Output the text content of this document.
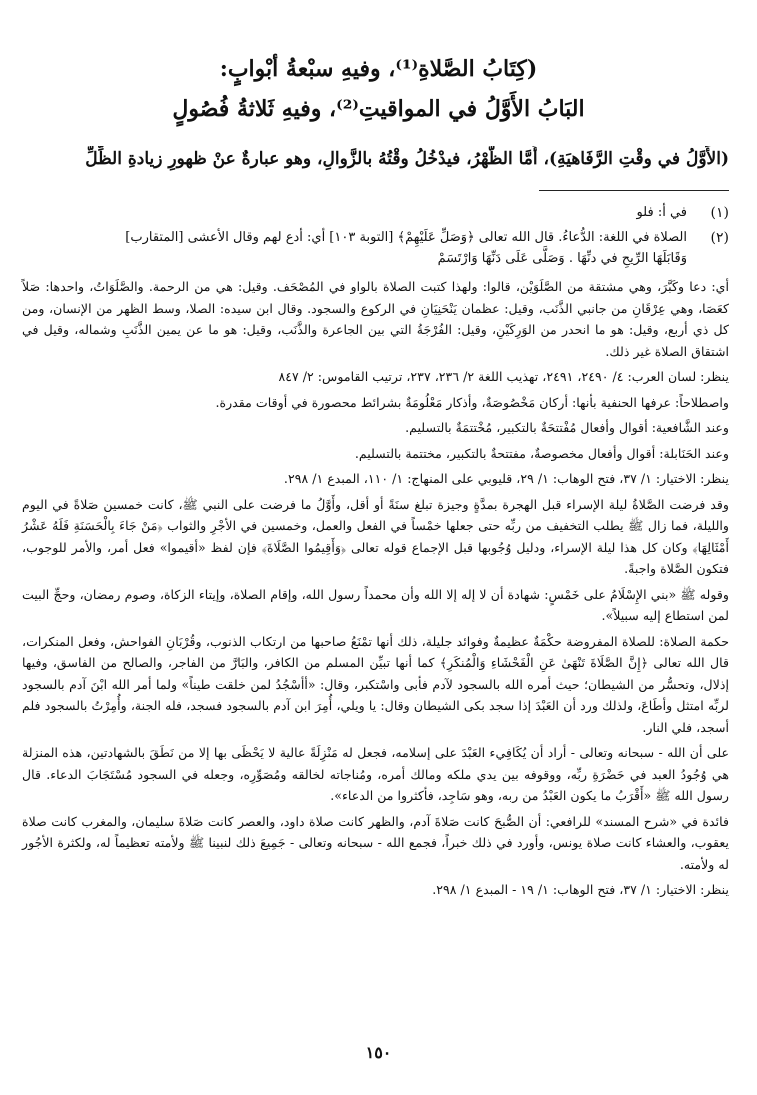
(كِتَابُ الصَّلاةِ⁽¹⁾، وفيهِ سبْعةُ أبْوابٍ:
البَابُ الأَوَّلُ في المواقيتِ⁽²⁾، وفيهِ ثَلاثةُ فُصُولٍ
(الأَوَّلُ في وقْتِ الرَّفَاهيَةِ)، أَمَّا الظُّهْرُ، فيدْخُلُ وقْتُهُ بالزَّوالِ، وهو عبارةٌ عنْ ظهورِ زيادةِ الظِّلِّ
(١)
في أ: فلو
(٢)
الصلاة في اللغة: الدُّعاءُ. قال الله تعالى ﴿وَصَلِّ عَلَيْهِمْ﴾ [التوبة ١٠٣] أي: أدع لهم وقال الأعشى [المتقارب]
وَقَابَلَهَا الرِّيحِ في دنِّهَا . وَصَلَّى عَلَى دَنِّهَا وَارْتَسَمْ

أي: دعا وكَبَّرَ، وهي مشتقة من الصَّلَوَيْن، قالوا: ولهذا كتبت الصلاة بالواو في المُصْحَف. وقيل: هي من الرحمة. والصَّلَوَاتُ، واحدها: صَلاً كعَصَا، وهي عِرْقَانِ من جانبي الذَّنَب، وقيل: عظمان يَنْحَنِيَانِ في الركوع والسجود. وقال ابن سيده: الصلا، وسط الظهر من الإنسان، ومن كل ذي أربع، وقيل: هو ما انحدر من الوَرِكَيْنِ، وقيل: الفُرْجَةُ التي بين الجاعرة والذَّنَب، وقيل: هو ما عن يمين الذَّنَبِ وشماله، وقيل في اشتقاق الصلاة غير ذلك.

ينظر: لسان العرب: ٤/ ٢٤٩٠، ٢٤٩١، تهذيب اللغة ٢/ ٢٣٦، ٢٣٧، ترتيب القاموس: ٢/ ٨٤٧

واصطلاحاً: عرفها الحنفية بأنها: أركان مَخْصُوصَةٌ، وأذكار مَعْلُومَةٌ بشرائط محصورة في أوقات مقدرة.

وعند الشَّافعية: أقوال وأفعال مُفْتتحَةٌ بالتكبير، مُخْتتمَةٌ بالتسليم.

وعند الحَنَابلة: أقوال وأفعال مخصوصةٌ، مفتتحةٌ بالتكبير، مختتمة بالتسليم.

ينظر: الاختيار: ١/ ٣٧، فتح الوهاب: ١/ ٢٩، قليوبي على المنهاج: ١/ ١١٠، المبدع ١/ ٢٩٨.

وقد فرضت الصَّلاةُ ليلة الإسراء قبل الهجرة بمدَّةٍ وجيزة تبلغ سنَةً أو أقل، وأَوَّلُ ما فرضت على النبي ﷺ، كانت خمسين صَلاةً في اليوم والليلة، فما زال ﷺ يطلب التخفيف من ربِّه حتى جعلها خمْساً في الفعل والعمل، وخمسين في الأجْرِ والثواب ﴿مَنْ جَاءَ بِالْحَسَنَةِ فَلَهُ عَشْرُ أَمْثَالِهَا﴾ وكان كل هذا ليلة الإسراء، ودليل وُجُوبها قبل الإجماع قوله تعالى ﴿وَأَقِيمُوا الصَّلَاةَ﴾ فإن لفظ «أقيموا» فعل أمر، والأمر للوجوب، فتكون الصَّلاة واجبةً.

وقوله ﷺ «بني الإِسْلَامُ على خَمْسٍ: شهادة أن لا إله إلا الله وأن محمداً رسول الله، وإقام الصلاة، وإيتاء الزكاة، وصوم رمضان، وحجِّ البيت لمن استطاع إليه سبيلاً».

حكمة الصلاة: للصلاة المفروضة حكْمَةٌ عظيمةٌ وفوائد جليلة، ذلك أنها تمْنَعُ صاحبها من ارتكاب الذنوب، وقُرْبَانِ الفواحش، وفعل المنكرات، قال الله تعالى ﴿إِنَّ الصَّلَاةَ تَنْهَىٰ عَنِ الْفَحْشَاءِ وَالْمُنكَرِ﴾ كما أنها تبيِّن المسلم من الكافر، والبَارَّ من الفاجر، والصالح من الفاسق، وفيها إذلال، وتحسُّر من الشيطان؛ حيث أمره الله بالسجود لآدم فأبى واسْتكبر، وقال: «أأسْجُدُ لمن خلقت طيناً» ولما أمر الله ابْنَ آدم بالسجود لربِّه امتثل وأطَاعَ، ولذلك ورد أن العَبْدَ إذا سجد بكى الشيطان وقال: يا ويلي، أُمِرَ ابن آدم بالسجود فسجد، فله الجنة، وأُمِرْتُ بالسجود فلم أسجد، فلي النار.

على أن الله - سبحانه وتعالى - أراد أن يُكَافِيء العَبْدَ على إسلامه، فجعل له مَنْزِلَةً عالية لا يَحْظَى بها إلا من نَطَقَ بالشهادتين، هذه المنزلة هي وُجُودُ العبد في حَضْرَةِ ربِّه، ووقوفه بين يدي ملكه ومالك أمره، ومُناجاته لخالقه ومُصَوِّرِه، وجعله في السجود مُسْتَجَابَ الدعاء. قال رسول الله ﷺ «أَقْرَبُ ما يكون العَبْدُ من ربه، وهو سَاجِد، فأكثروا من الدعاء».

فائدة في «شرح المسند» للرافعي: أن الصُّبحَ كانت صَلاةَ آدم، والظهر كانت صلاة داود، والعصر كانت صَلاةَ سليمان، والمغرب كانت صلاة يعقوب، والعشاء كانت صلاة يونس، وأورد في ذلك خبراً، فجمع الله - سبحانه وتعالى - جَمِيعَ ذلك لنبينا ﷺ ولأمته تعظيماً له، ولكثرة الأجُور له ولأمته.

ينظر: الاختيار: ١/ ٣٧، فتح الوهاب: ١/ ١٩ - المبدع ١/ ٢٩٨.

١٥٠
